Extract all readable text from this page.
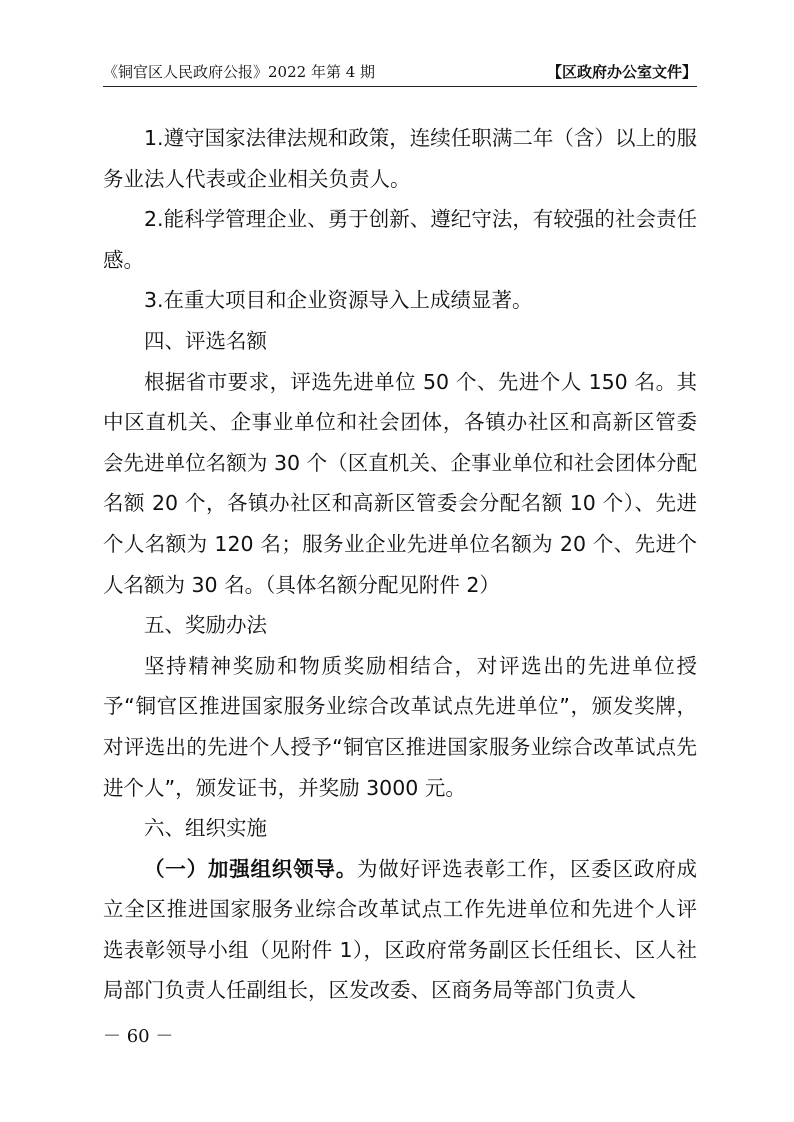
《铜官区人民政府公报》2022 年第 4 期	【区政府办公室文件】

1.遵守国家法律法规和政策，连续任职满二年（含）以上的服务业法人代表或企业相关负责人。

2.能科学管理企业、勇于创新、遵纪守法，有较强的社会责任感。

3.在重大项目和企业资源导入上成绩显著。

四、评选名额

根据省市要求，评选先进单位 50 个、先进个人 150 名。其中区直机关、企事业单位和社会团体，各镇办社区和高新区管委会先进单位名额为 30 个（区直机关、企事业单位和社会团体分配名额 20 个，各镇办社区和高新区管委会分配名额 10 个）、先进个人名额为 120 名；服务业企业先进单位名额为 20 个、先进个人名额为 30 名。（具体名额分配见附件 2）

五、奖励办法

坚持精神奖励和物质奖励相结合，对评选出的先进单位授予“铜官区推进国家服务业综合改革试点先进单位”，颁发奖牌，对评选出的先进个人授予“铜官区推进国家服务业综合改革试点先进个人”，颁发证书，并奖励 3000 元。

六、组织实施

（一）加强组织领导。为做好评选表彰工作，区委区政府成立全区推进国家服务业综合改革试点工作先进单位和先进个人评选表彰领导小组（见附件 1），区政府常务副区长任组长、区人社局部门负责人任副组长，区发改委、区商务局等部门负责人

－ 60 －
